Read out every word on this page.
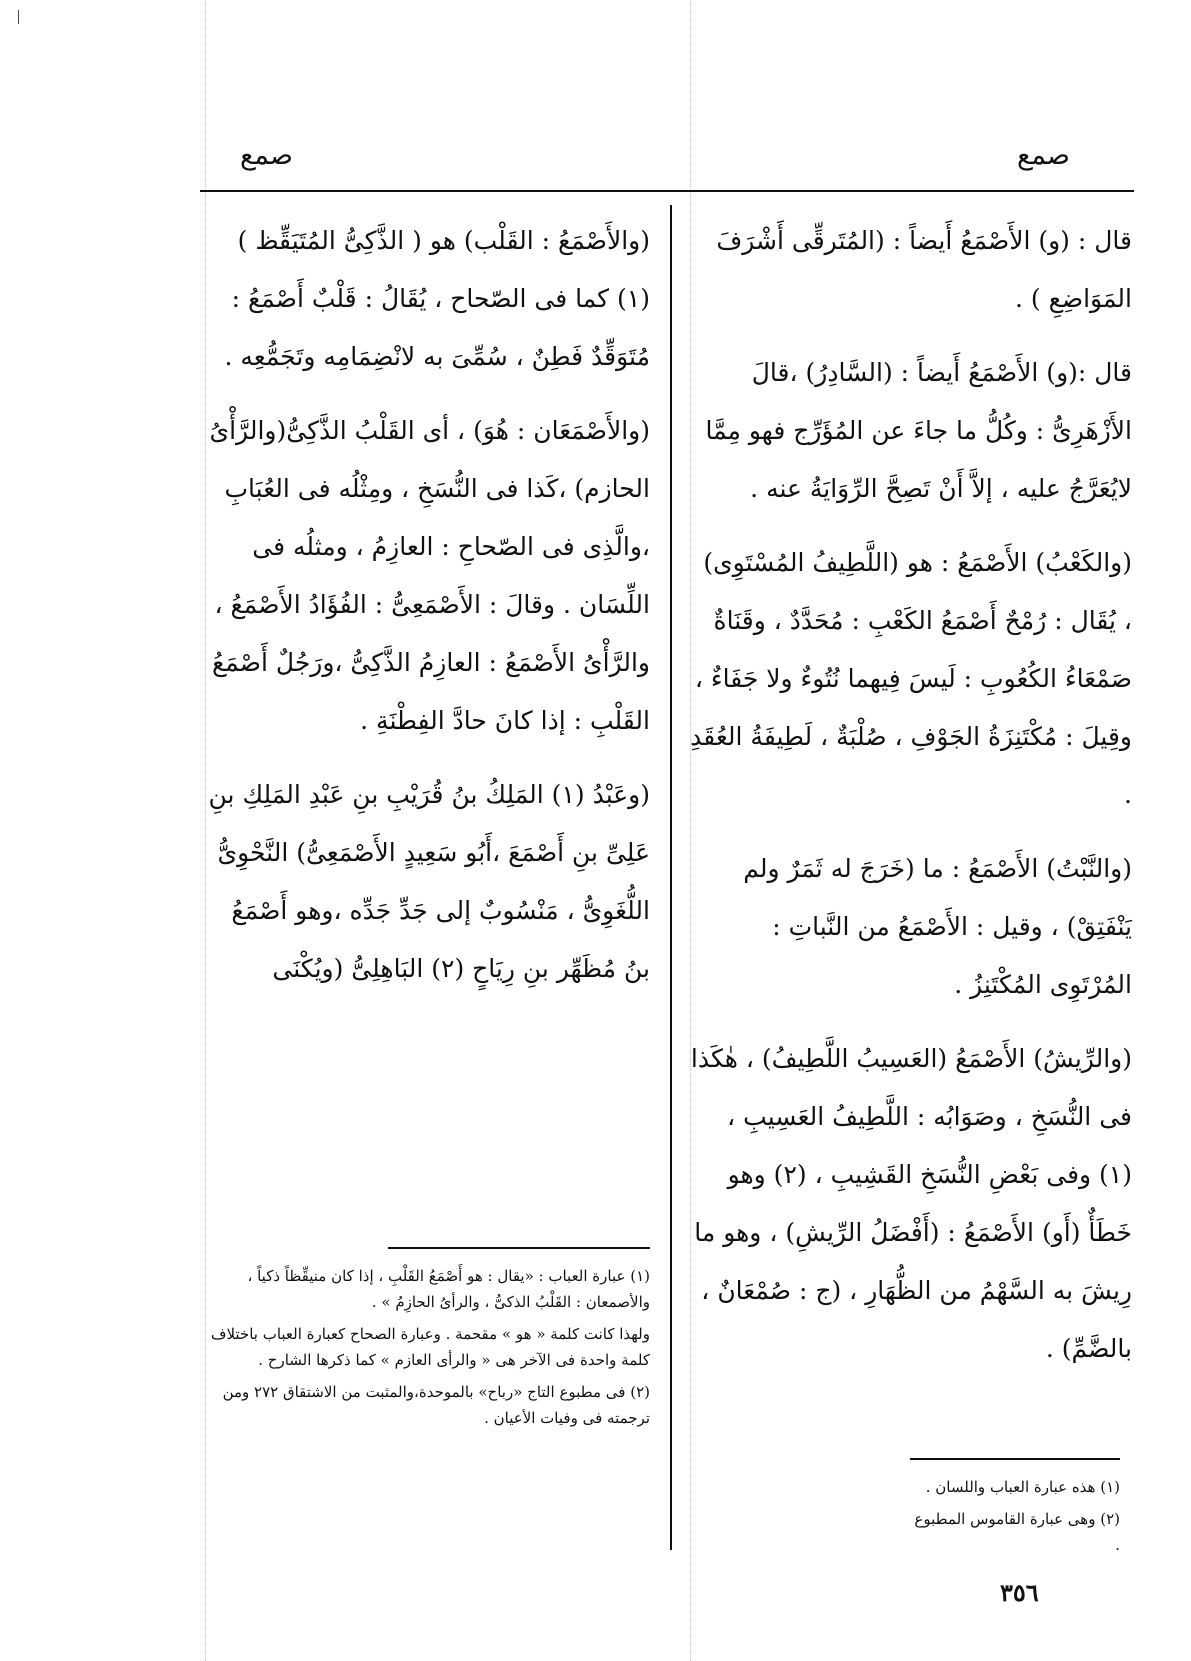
صمع
صمع

قال : (و) الأَصْمَعُ أَيضاً : (المُتَرقِّى أَشْرَفَ المَوَاضِعِ ) .

قال :(و) الأَصْمَعُ أَيضاً : (السَّادِرُ) ،قالَ الأَزْهَرِىُّ : وكُلُّ ما جاءَ عن المُؤَرِّج فهو مِمَّا لايُعَرَّجُ عليه ، إلاَّ أَنْ تَصِحَّ الرِّوَايَةُ عنه .

(والكَعْبُ) الأَصْمَعُ : هو (اللَّطِيفُ المُسْتَوِى) ، يُقَال : رُمْحٌ أَصْمَعُ الكَعْبِ : مُحَدَّدٌ ، وقَنَاةٌ صَمْعَاءُ الكُعُوبِ : لَيسَ فِيهما نُتُوءٌ ولا جَفَاءٌ ، وقِيلَ : مُكْتَنِزَةُ الجَوْفِ ، صُلْبَةٌ ، لَطِيفَةُ العُقَدِ .

(والنَّبْتُ) الأَصْمَعُ : ما (خَرَجَ له ثَمَرٌ ولم يَنْفَتِقْ) ، وقيل : الأَصْمَعُ من النَّباتِ : المُرْتَوِى المُكْتَنِزُ .

(والرِّيشُ) الأَصْمَعُ (العَسِيبُ اللَّطِيفُ) ، هٰكَذا فى النُّسَخِ ، وصَوَابُه : اللَّطِيفُ العَسِيبِ ، (١) وفى بَعْضِ النُّسَخِ القَشِيبِ ، (٢) وهو خَطَأٌ (أَو) الأَصْمَعُ : (أَفْضَلُ الرِّيشِ) ، وهو ما رِيشَ به السَّهْمُ من الظُّهَارِ ، (ج : صُمْعَانٌ ، بالضَّمِّ) .

(والأَصْمَعُ : القَلْب) هو ( الذَّكِىُّ المُتَيَقِّظ ) (١) كما فى الصّحاح ، يُقَالُ : قَلْبٌ أَصْمَعُ : مُتَوَقِّدٌ فَطِنٌ ، سُمِّىَ به لانْضِمَامِه وتَجَمُّعِه .

(والأَصْمَعَان : هُوَ) ، أى القَلْبُ الذَّكِىُّ(والرَّأْىُ الحازم) ،كَذا فى النُّسَخِ ، ومِثْلُه فى العُبَابِ ،والَّذِى فى الصّحاحِ : العازِمُ ، ومثلُه فى اللِّسَان . وقالَ : الأَصْمَعِىُّ : الفُؤَادُ الأَصْمَعُ ، والرَّأْىُ الأَصْمَعُ : العازِمُ الذَّكِىُّ ،ورَجُلٌ أَصْمَعُ القَلْبِ : إذا كانَ حادَّ الفِطْنَةِ .

(وعَبْدُ (١) المَلِكُ بنُ قُرَيْبِ بنِ عَبْدِ المَلِكِ بنِ عَلِىِّ بنِ أَصْمَعَ ،أَبُو سَعِيدٍ الأَصْمَعِىُّ) النَّحْوِىُّ اللُّغَوِىُّ ، مَنْسُوبٌ إلى جَدِّ جَدِّه ،وهو أَصْمَعُ بنُ مُظَهِّر بنِ رِيَاحٍ (٢) البَاهِلِىُّ (ويُكْنَى

(١) عبارة العباب : «يقال : هو أَصْمَعُ القَلْبِ ، إذا كان منيقِّظاً ذكياً ، والأصمعان : القَلْبُ الذكىُّ ، والرأىُ الحازِمُ » .

ولهذا كانت كلمة « هو » مقحمة . وعبارة الصحاح كعبارة العباب باختلاف كلمة واحدة فى الآخر هى « والرأى العازم » كما ذكرها الشارح .

(٢) فى مطبوع التاج «رباح» بالموحدة،والمثبت من الاشتقاق ٢٧٢ ومن ترجمته فى وفيات الأعيان .

(١) هذه عبارة العباب واللسان .

(٢) وهى عبارة القاموس المطبوع .

٣٥٦
